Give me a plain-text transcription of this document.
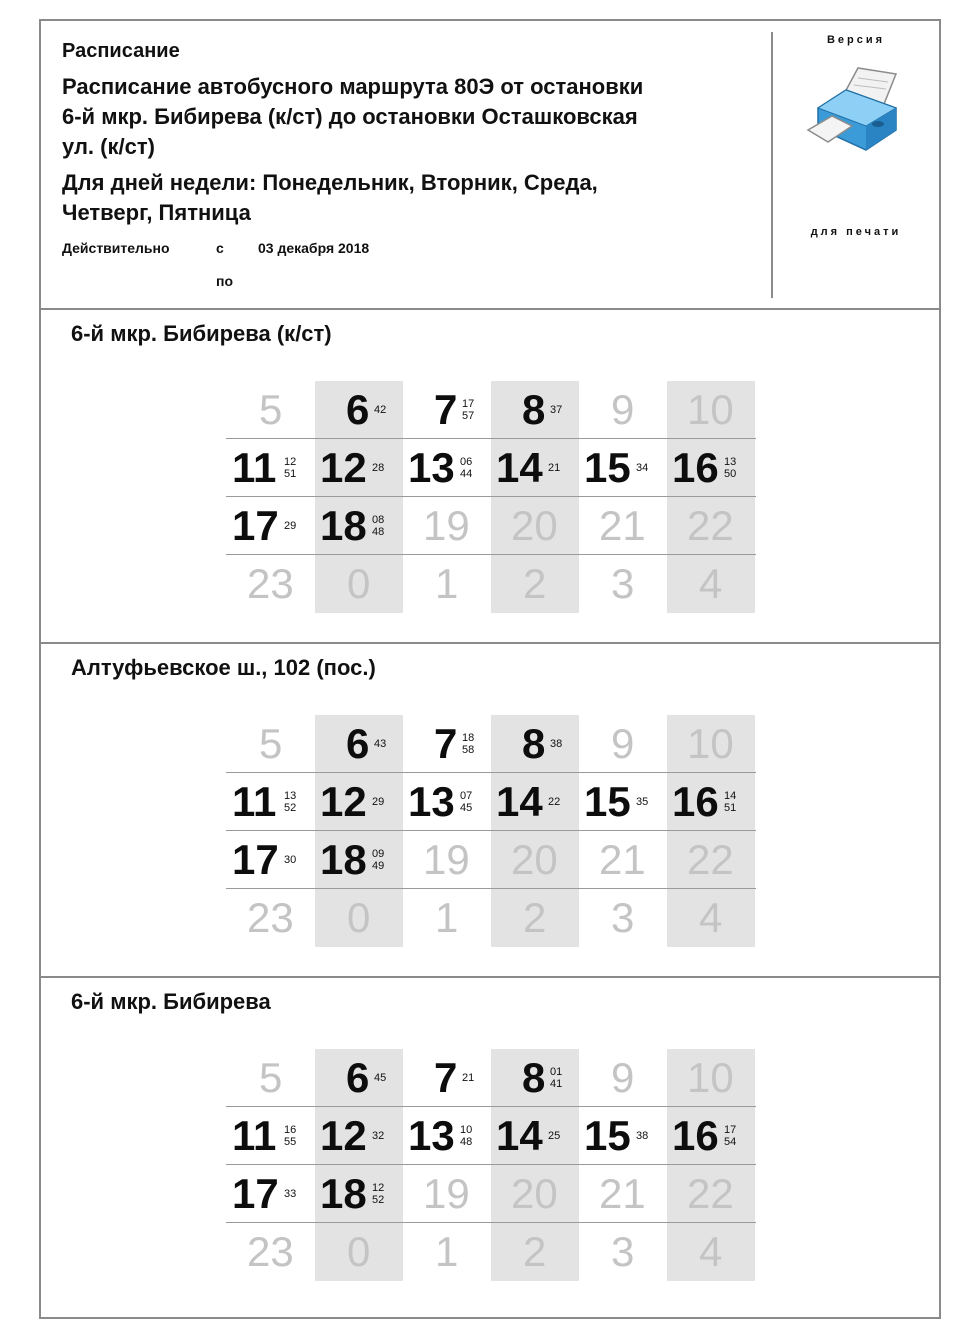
Расписание
Расписание автобусного маршрута 80Э от остановки
6-й мкр. Бибирева (к/ст) до остановки Осташковская
ул. (к/ст)
Для дней недели: Понедельник, Вторник, Среда,
Четверг, Пятница
Действительно	с 03 декабря 2018
по
Версия
для печати
6-й мкр. Бибирева (к/ст)
5 6 42 7 17
57 8 37 9 10
11 12
51 12 28 13 06
44 14 21 15 34 16 13
50
17 29 18 08
48 19 20 21 22
23 0 1 2 3 4
Алтуфьевское ш., 102 (пос.)
5 6 43 7 18
58 8 38 9 10
11 13
52 12 29 13 07
45 14 22 15 35 16 14
51
17 30 18 09
49 19 20 21 22
23 0 1 2 3 4
6-й мкр. Бибирева
5 6 45 7 21 8 01
41 9 10
11 16
55 12 32 13 10
48 14 25 15 38 16 17
54
17 33 18 12
52 19 20 21 22
23 0 1 2 3 4
